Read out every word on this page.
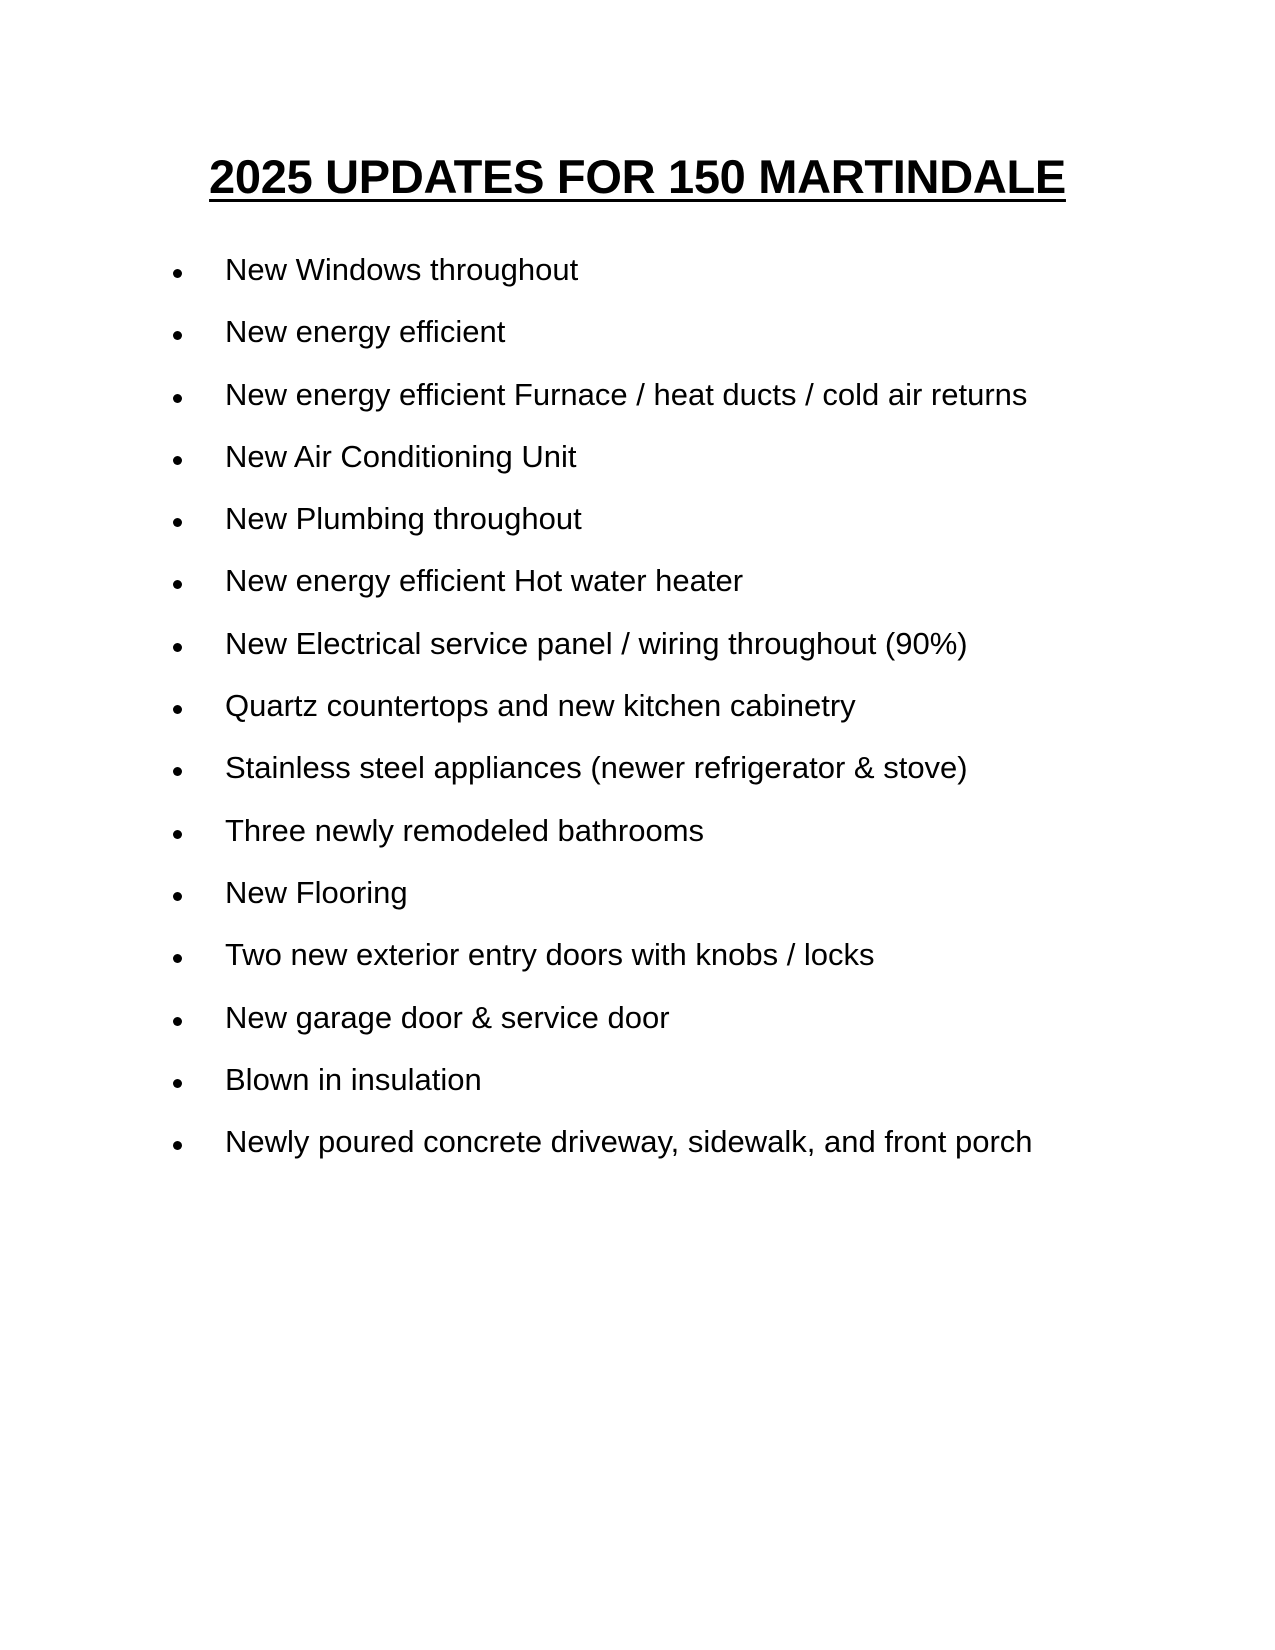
2025 UPDATES FOR 150 MARTINDALE
New Windows throughout
New energy efficient
New energy efficient Furnace / heat ducts / cold air returns
New Air Conditioning Unit
New Plumbing throughout
New energy efficient Hot water heater
New Electrical service panel / wiring throughout (90%)
Quartz countertops and new kitchen cabinetry
Stainless steel appliances (newer refrigerator & stove)
Three newly remodeled bathrooms
New Flooring
Two new exterior entry doors with knobs / locks
New garage door & service door
Blown in insulation
Newly poured concrete driveway, sidewalk, and front porch
